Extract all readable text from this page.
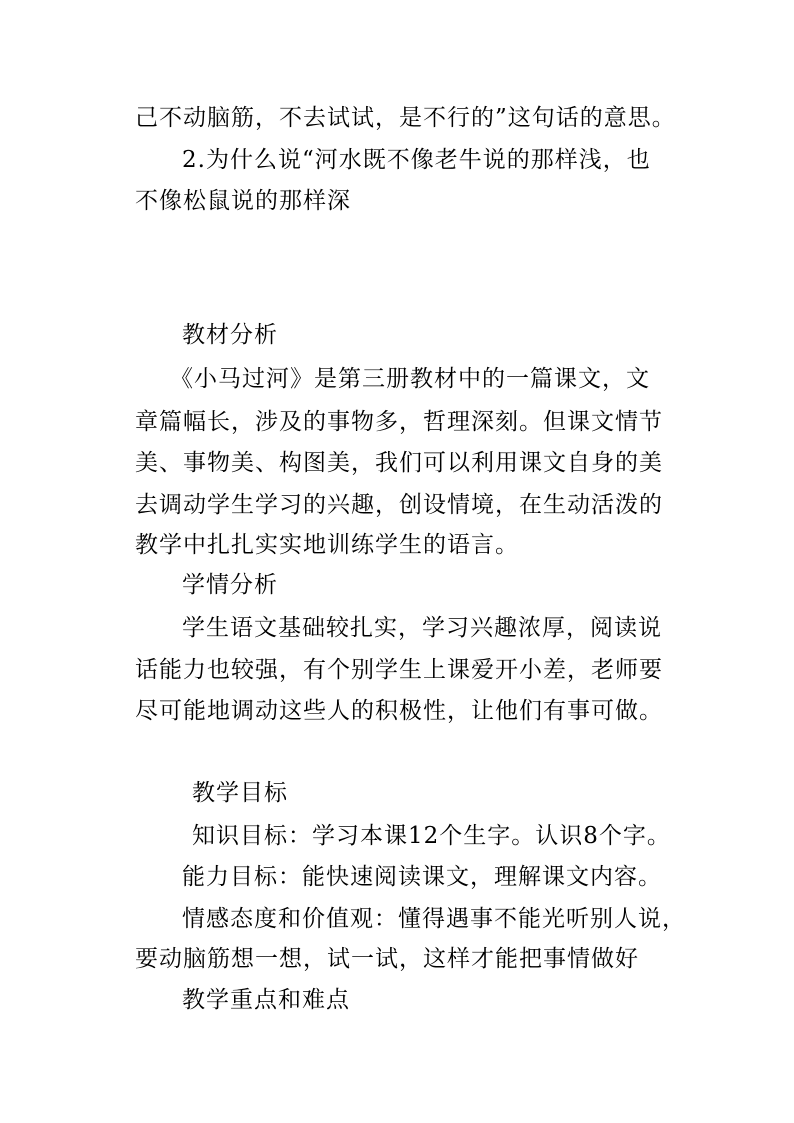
己不动脑筋，不去试试，是不行的”这句话的意思。
2.为什么说“河水既不像老牛说的那样浅，也
不像松鼠说的那样深
教材分析
《小马过河》是第三册教材中的一篇课文，文
章篇幅长，涉及的事物多，哲理深刻。但课文情节
美、事物美、构图美，我们可以利用课文自身的美
去调动学生学习的兴趣，创设情境，在生动活泼的
教学中扎扎实实地训练学生的语言。
学情分析
学生语文基础较扎实，学习兴趣浓厚，阅读说
话能力也较强，有个别学生上课爱开小差，老师要
尽可能地调动这些人的积极性，让他们有事可做。
教学目标
知识目标：学习本课12个生字。认识8个字。
能力目标：能快速阅读课文，理解课文内容。
情感态度和价值观：懂得遇事不能光听别人说，
要动脑筋想一想，试一试，这样才能把事情做好
教学重点和难点
